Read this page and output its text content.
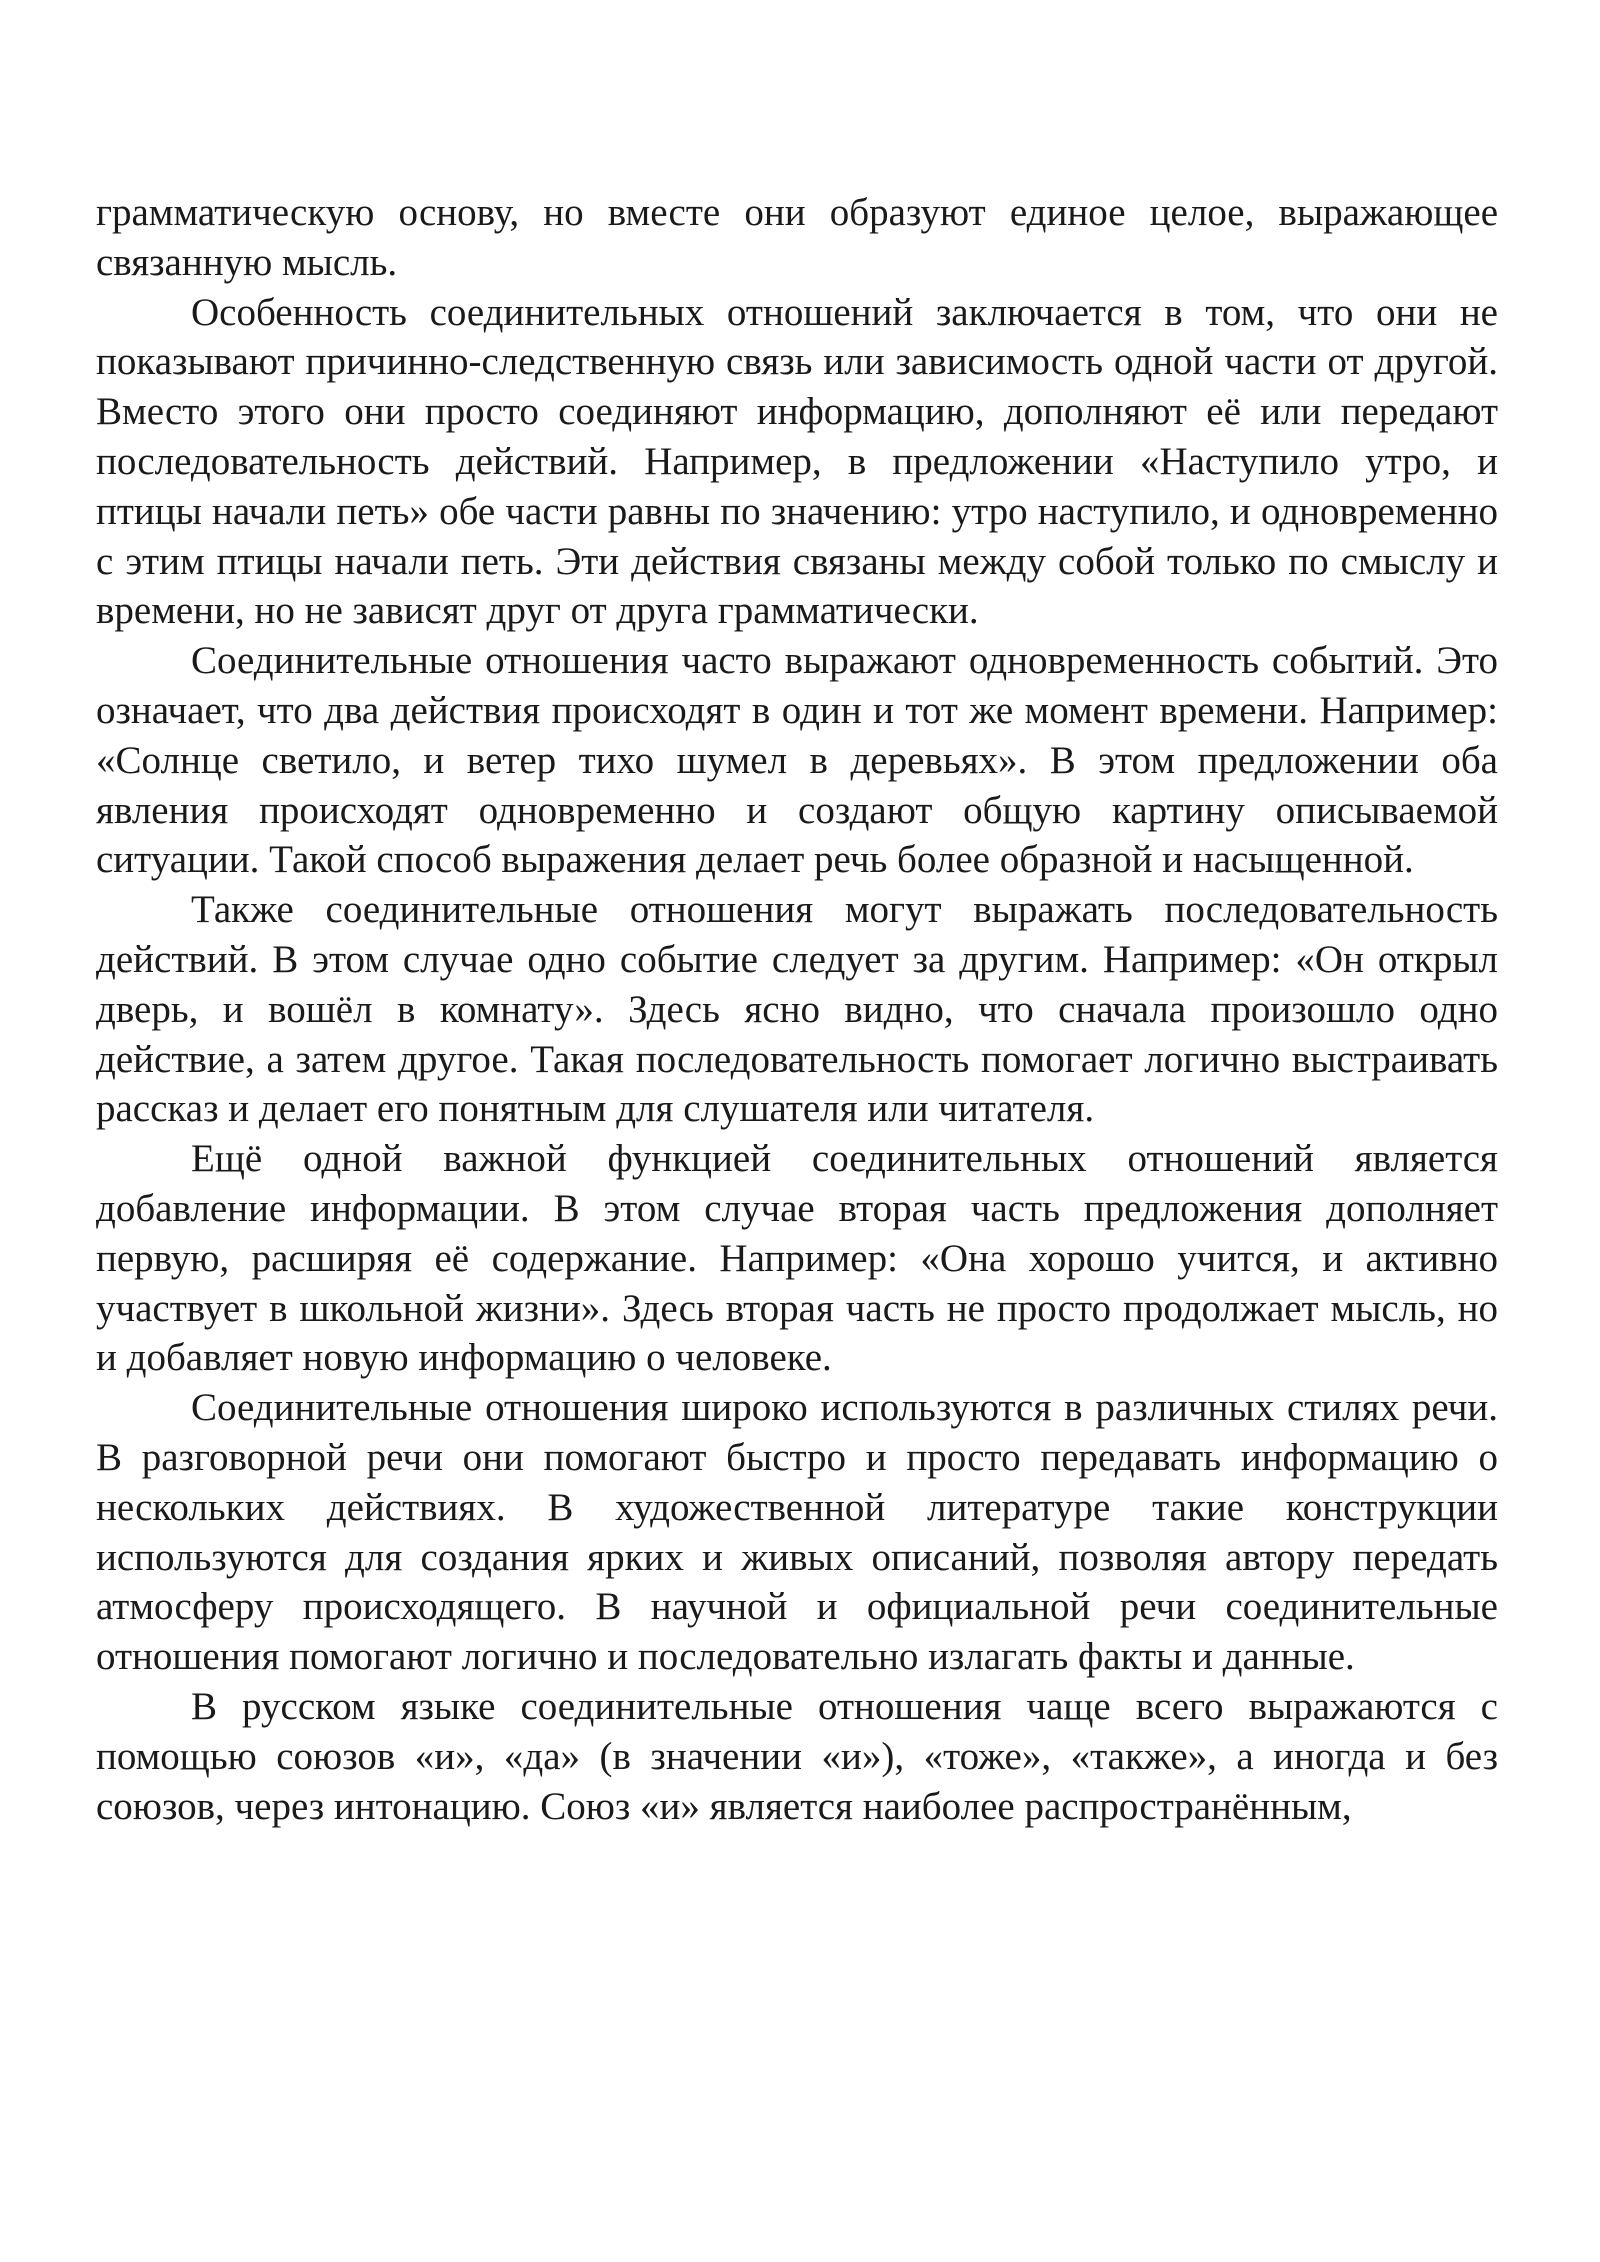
грамматическую основу, но вместе они образуют единое целое, выражающее связанную мысль.

Особенность соединительных отношений заключается в том, что они не показывают причинно-следственную связь или зависимость одной части от другой. Вместо этого они просто соединяют информацию, дополняют её или передают последовательность действий. Например, в предложении «Наступило утро, и птицы начали петь» обе части равны по значению: утро наступило, и одновременно с этим птицы начали петь. Эти действия связаны между собой только по смыслу и времени, но не зависят друг от друга грамматически.

Соединительные отношения часто выражают одновременность событий. Это означает, что два действия происходят в один и тот же момент времени. Например: «Солнце светило, и ветер тихо шумел в деревьях». В этом предложении оба явления происходят одновременно и создают общую картину описываемой ситуации. Такой способ выражения делает речь более образной и насыщенной.

Также соединительные отношения могут выражать последовательность действий. В этом случае одно событие следует за другим. Например: «Он открыл дверь, и вошёл в комнату». Здесь ясно видно, что сначала произошло одно действие, а затем другое. Такая последовательность помогает логично выстраивать рассказ и делает его понятным для слушателя или читателя.

Ещё одной важной функцией соединительных отношений является добавление информации. В этом случае вторая часть предложения дополняет первую, расширяя её содержание. Например: «Она хорошо учится, и активно участвует в школьной жизни». Здесь вторая часть не просто продолжает мысль, но и добавляет новую информацию о человеке.

Соединительные отношения широко используются в различных стилях речи. В разговорной речи они помогают быстро и просто передавать информацию о нескольких действиях. В художественной литературе такие конструкции используются для создания ярких и живых описаний, позволяя автору передать атмосферу происходящего. В научной и официальной речи соединительные отношения помогают логично и последовательно излагать факты и данные.

В русском языке соединительные отношения чаще всего выражаются с помощью союзов «и», «да» (в значении «и»), «тоже», «также», а иногда и без союзов, через интонацию. Союз «и» является наиболее распространённым,
